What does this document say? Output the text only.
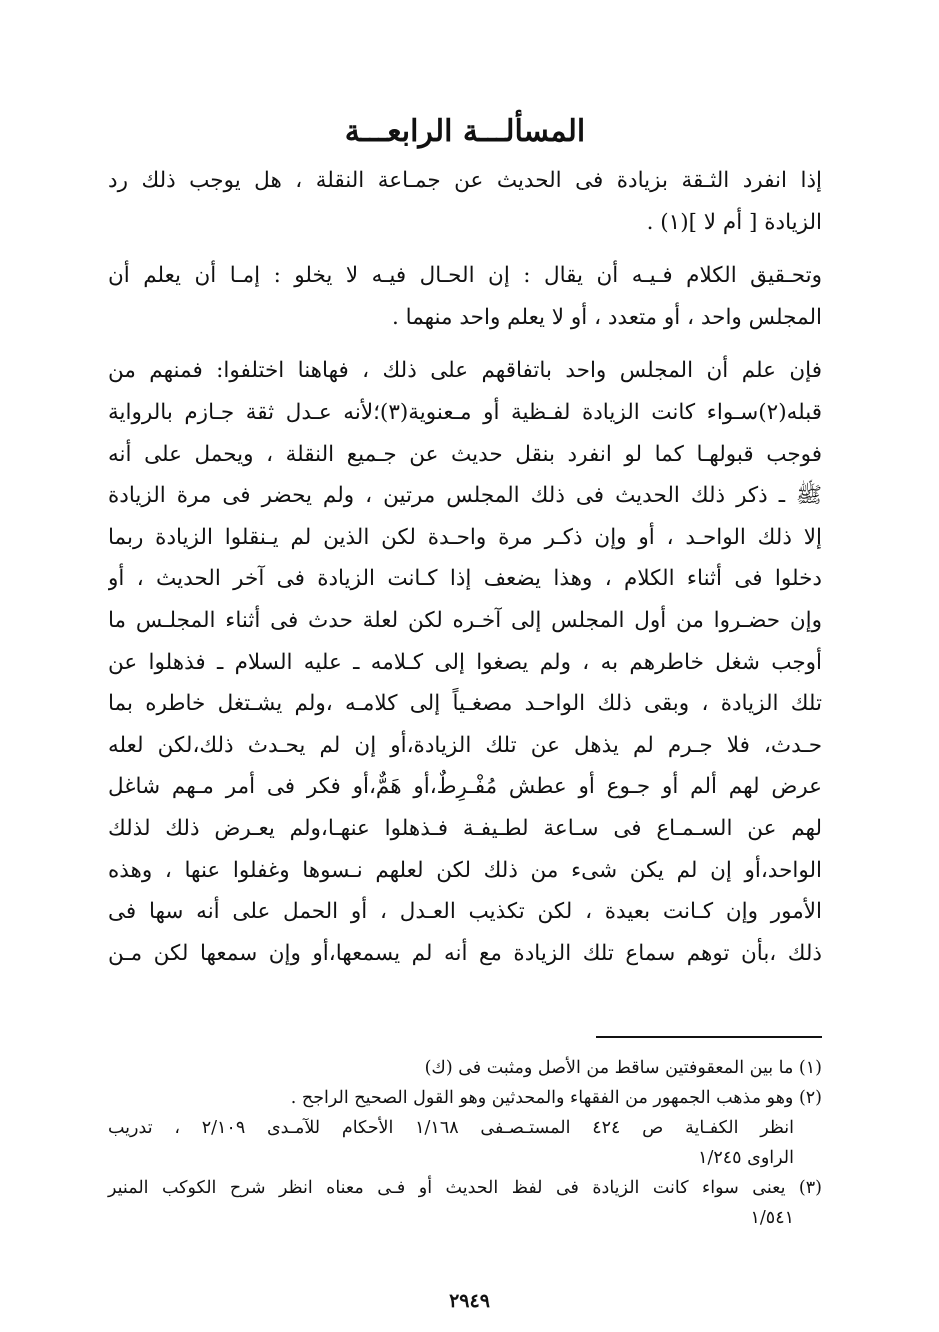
المسألـــة الرابعـــة

إذا انفرد الثـقة بزيادة فى الحديث عن جمـاعة النقلة ، هل يوجب ذلك رد
الزيادة [ أم لا ](١) .

وتحـقيق الكلام فـيـه أن يقال : إن الحـال فيـه لا يخلو : إمـا أن يعلم أن
المجلس واحد ، أو متعدد ، أو لا يعلم واحد منهما .

فإن علم أن المجلس واحد باتفاقهم على ذلك ، فهاهنا اختلفوا: فمنهم من
قبله(٢)سـواء كانت الزيادة لفـظية أو مـعنوية(٣)؛لأنه عـدل ثقة جـازم بالرواية
فوجب قبولهـا كما لو انفرد بنقل حديث عن جـميع النقلة ، ويحمل على أنه
ﷺ ـ ذكر ذلك الحديث فى ذلك المجلس مرتين ، ولم يحضر فى مرة الزيادة
إلا ذلك الواحـد ، أو وإن ذكـر مرة واحـدة لكن الذين لم يـنقلوا الزيادة ربما
دخلوا فى أثناء الكلام ، وهذا يضعف إذا كـانت الزيادة فى آخر الحديث ، أو
وإن حضـروا من أول المجلس إلى آخـره لكن لعلة حدث فى أثناء المجلـس ما
أوجب شغل خاطرهم به ، ولم يصغوا إلى كـلامه ـ عليه السلام ـ فذهلوا عن
تلك الزيادة ، وبقى ذلك الواحـد مصغـياً إلى كلامـه ،ولم يشـتغل خاطره بما
حـدث، فلا جـرم لم يذهل عن تلك الزيادة،أو إن لم يحـدث ذلك،لكن لعله
عرض لهم ألم أو جـوع أو عطش مُفْـرِطٌ،أو هَمٌّ،أو فكر فى أمر مـهم شاغل
لهم عن السـمـاع فى سـاعة لطـيفـة فـذهلوا عنهـا،ولم يعـرض ذلك لذلك
الواحد،أو إن لم يكن شىء من ذلك لكن لعلهم نـسوها وغفلوا عنها ، وهذه
الأمور وإن كـانت بعيدة ، لكن تكذيب العـدل ، أو الحمل على أنه سها فى
ذلك ،بأن توهم سماع تلك الزيادة مع أنه لم يسمعها،أو وإن سمعها لكن مـن

(١) ما بين المعقوفتين ساقط من الأصل ومثبت فى (ك)
(٢) وهو مذهب الجمهور من الفقهاء والمحدثين وهو القول الصحيح الراجح .
انظر الكفـاية ص ٤٢٤ المستـصـفى ١/١٦٨ الأحكام للآمـدى ٢/١٠٩ ، تدريب
الراوى ١/٢٤٥
(٣) يعنى سواء كانت الزيادة فى لفظ الحديث أو فـى معناه انظر شرح الكوكب المنير
١/٥٤١
٢٩٤٩
